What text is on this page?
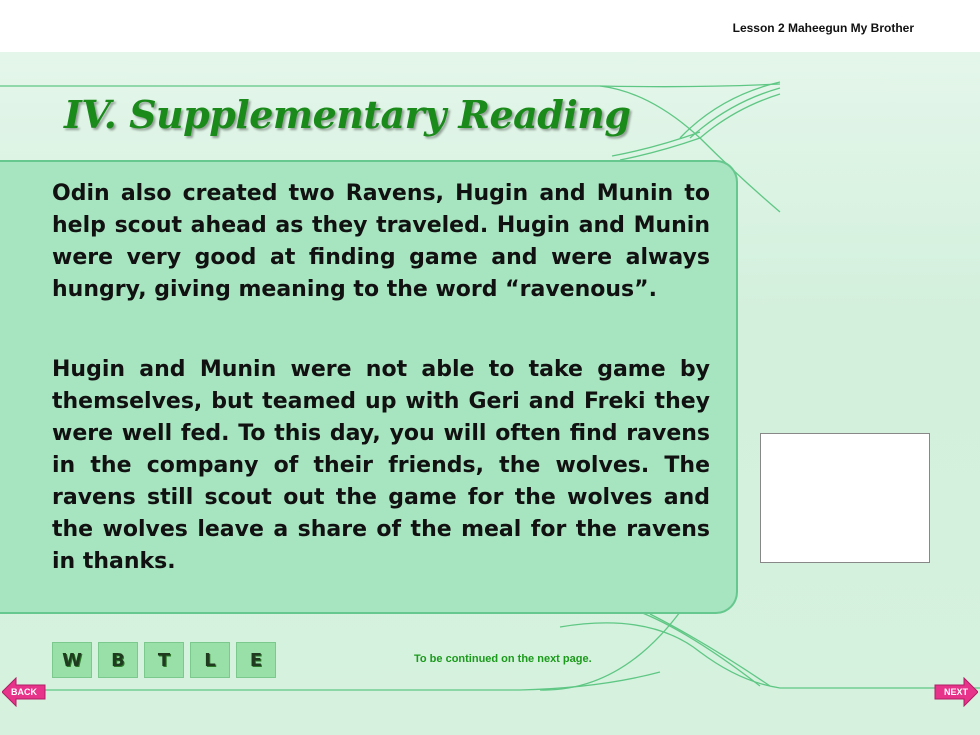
Lesson 2 Maheegun My Brother
IV. Supplementary Reading

Odin also created two Ravens, Hugin and Munin to help scout ahead as they traveled. Hugin and Munin were very good at finding game and were always hungry, giving meaning to the word “ravenous”.

Hugin and Munin were not able to take game by themselves, but teamed up with Geri and Freki they were well fed. To this day, you will often find ravens in the company of their friends, the wolves. The ravens still scout out the game for the wolves and the wolves leave a share of the meal for the ravens in thanks.

W B T L E	To be continued on the next page.
BACK	NEXT
